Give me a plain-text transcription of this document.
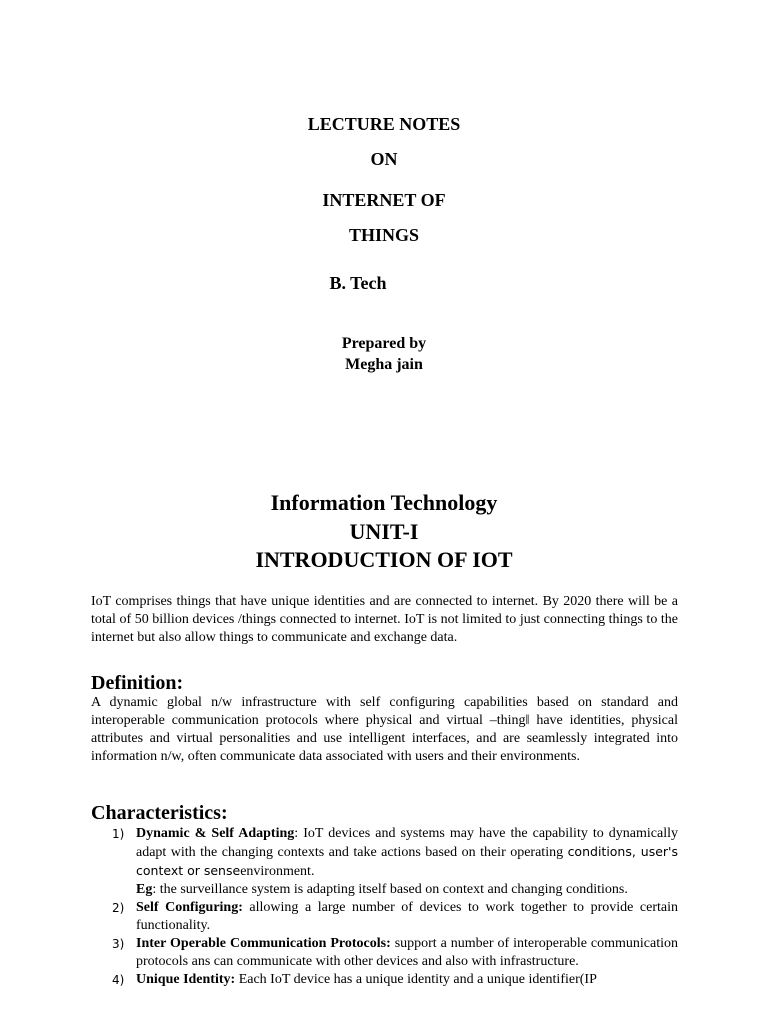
LECTURE NOTES
ON
INTERNET OF
THINGS
B. Tech
Prepared by
Megha jain
Information Technology
UNIT-I
INTRODUCTION OF IOT
IoT comprises things that have unique identities and are connected to internet. By 2020 there will be a total of 50 billion devices /things connected to internet. IoT is not limited to just connecting things to the internet but also allow things to communicate and exchange data.
Definition:
A dynamic global n/w infrastructure with self configuring capabilities based on standard and interoperable communication protocols where physical and virtual –thing‖ have identities, physical attributes and virtual personalities and use intelligent interfaces, and are seamlessly integrated into information n/w, often communicate data associated with users and their environments.
Characteristics:
1) Dynamic & Self Adapting: IoT devices and systems may have the capability to dynamically adapt with the changing contexts and take actions based on their operating conditions, user's context or senseenvironment.
Eg: the surveillance system is adapting itself based on context and changing conditions.
2) Self Configuring: allowing a large number of devices to work together to provide certain functionality.
3) Inter Operable Communication Protocols: support a number of interoperable communication protocols ans can communicate with other devices and also with infrastructure.
4) Unique Identity: Each IoT device has a unique identity and a unique identifier(IP
